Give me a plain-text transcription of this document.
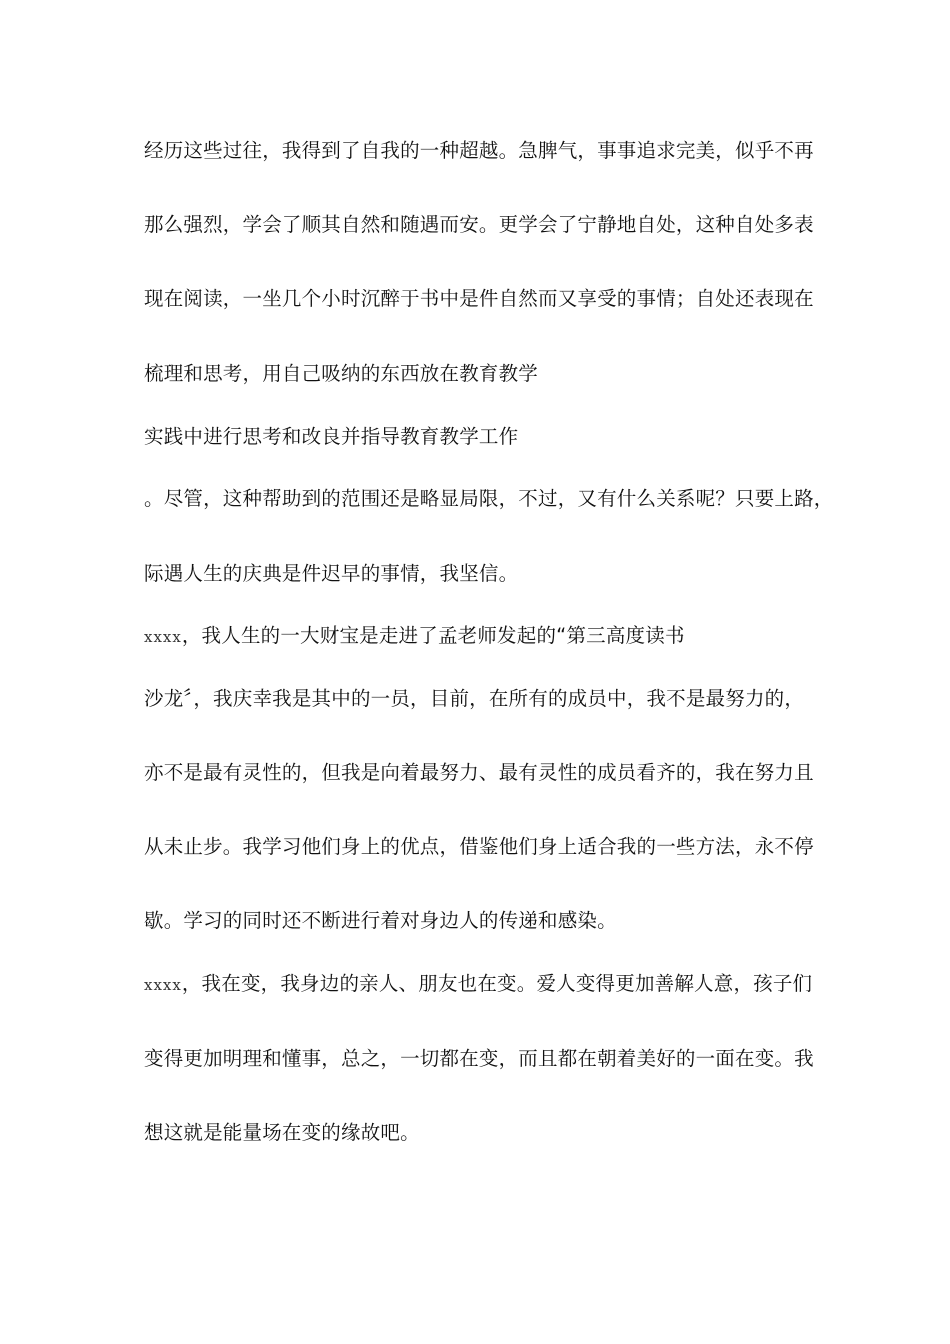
经历这些过往，我得到了自我的一种超越。急脾气，事事追求完美，似乎不再
那么强烈，学会了顺其自然和随遇而安。更学会了宁静地自处，这种自处多表
现在阅读，一坐几个小时沉醉于书中是件自然而又享受的事情；自处还表现在
梳理和思考，用自己吸纳的东西放在教育教学
实践中进行思考和改良并指导教育教学工作
。尽管，这种帮助到的范围还是略显局限，不过，又有什么关系呢？只要上路，
际遇人生的庆典是件迟早的事情，我坚信。
xxxx，我人生的一大财宝是走进了孟老师发起的“第三高度读书
沙龙〞，我庆幸我是其中的一员，目前，在所有的成员中，我不是最努力的，
亦不是最有灵性的，但我是向着最努力、最有灵性的成员看齐的，我在努力且
从未止步。我学习他们身上的优点，借鉴他们身上适合我的一些方法，永不停
歇。学习的同时还不断进行着对身边人的传递和感染。
xxxx，我在变，我身边的亲人、朋友也在变。爱人变得更加善解人意，孩子们
变得更加明理和懂事，总之，一切都在变，而且都在朝着美好的一面在变。我
想这就是能量场在变的缘故吧。
